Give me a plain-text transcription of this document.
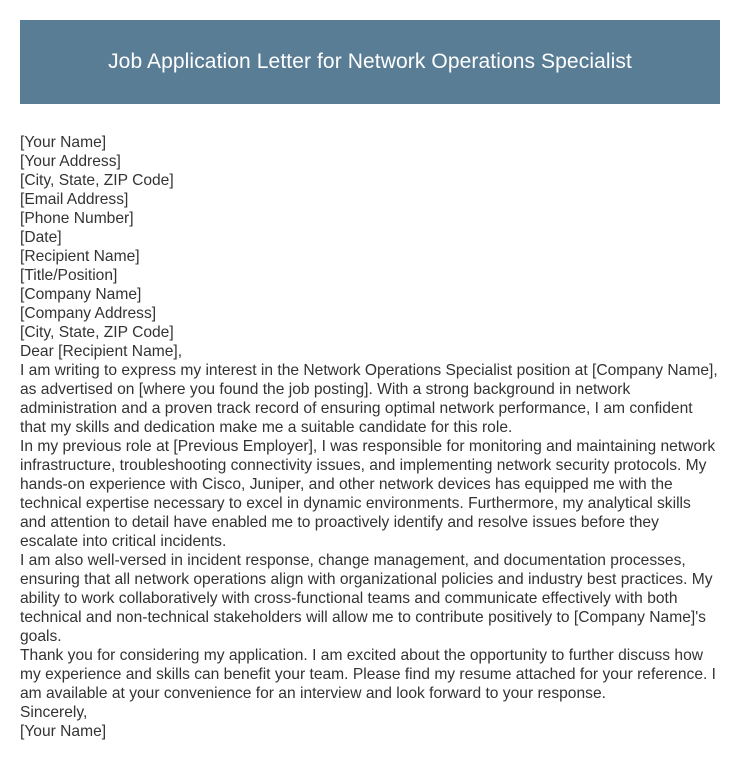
Job Application Letter for Network Operations Specialist
[Your Name]
[Your Address]
[City, State, ZIP Code]
[Email Address]
[Phone Number]
[Date]
[Recipient Name]
[Title/Position]
[Company Name]
[Company Address]
[City, State, ZIP Code]
Dear [Recipient Name],

I am writing to express my interest in the Network Operations Specialist position at [Company Name], as advertised on [where you found the job posting]. With a strong background in network administration and a proven track record of ensuring optimal network performance, I am confident that my skills and dedication make me a suitable candidate for this role.

In my previous role at [Previous Employer], I was responsible for monitoring and maintaining network infrastructure, troubleshooting connectivity issues, and implementing network security protocols. My hands-on experience with Cisco, Juniper, and other network devices has equipped me with the technical expertise necessary to excel in dynamic environments. Furthermore, my analytical skills and attention to detail have enabled me to proactively identify and resolve issues before they escalate into critical incidents.

I am also well-versed in incident response, change management, and documentation processes, ensuring that all network operations align with organizational policies and industry best practices. My ability to work collaboratively with cross-functional teams and communicate effectively with both technical and non-technical stakeholders will allow me to contribute positively to [Company Name]'s goals.

Thank you for considering my application. I am excited about the opportunity to further discuss how my experience and skills can benefit your team. Please find my resume attached for your reference. I am available at your convenience for an interview and look forward to your response.

Sincerely,
[Your Name]
